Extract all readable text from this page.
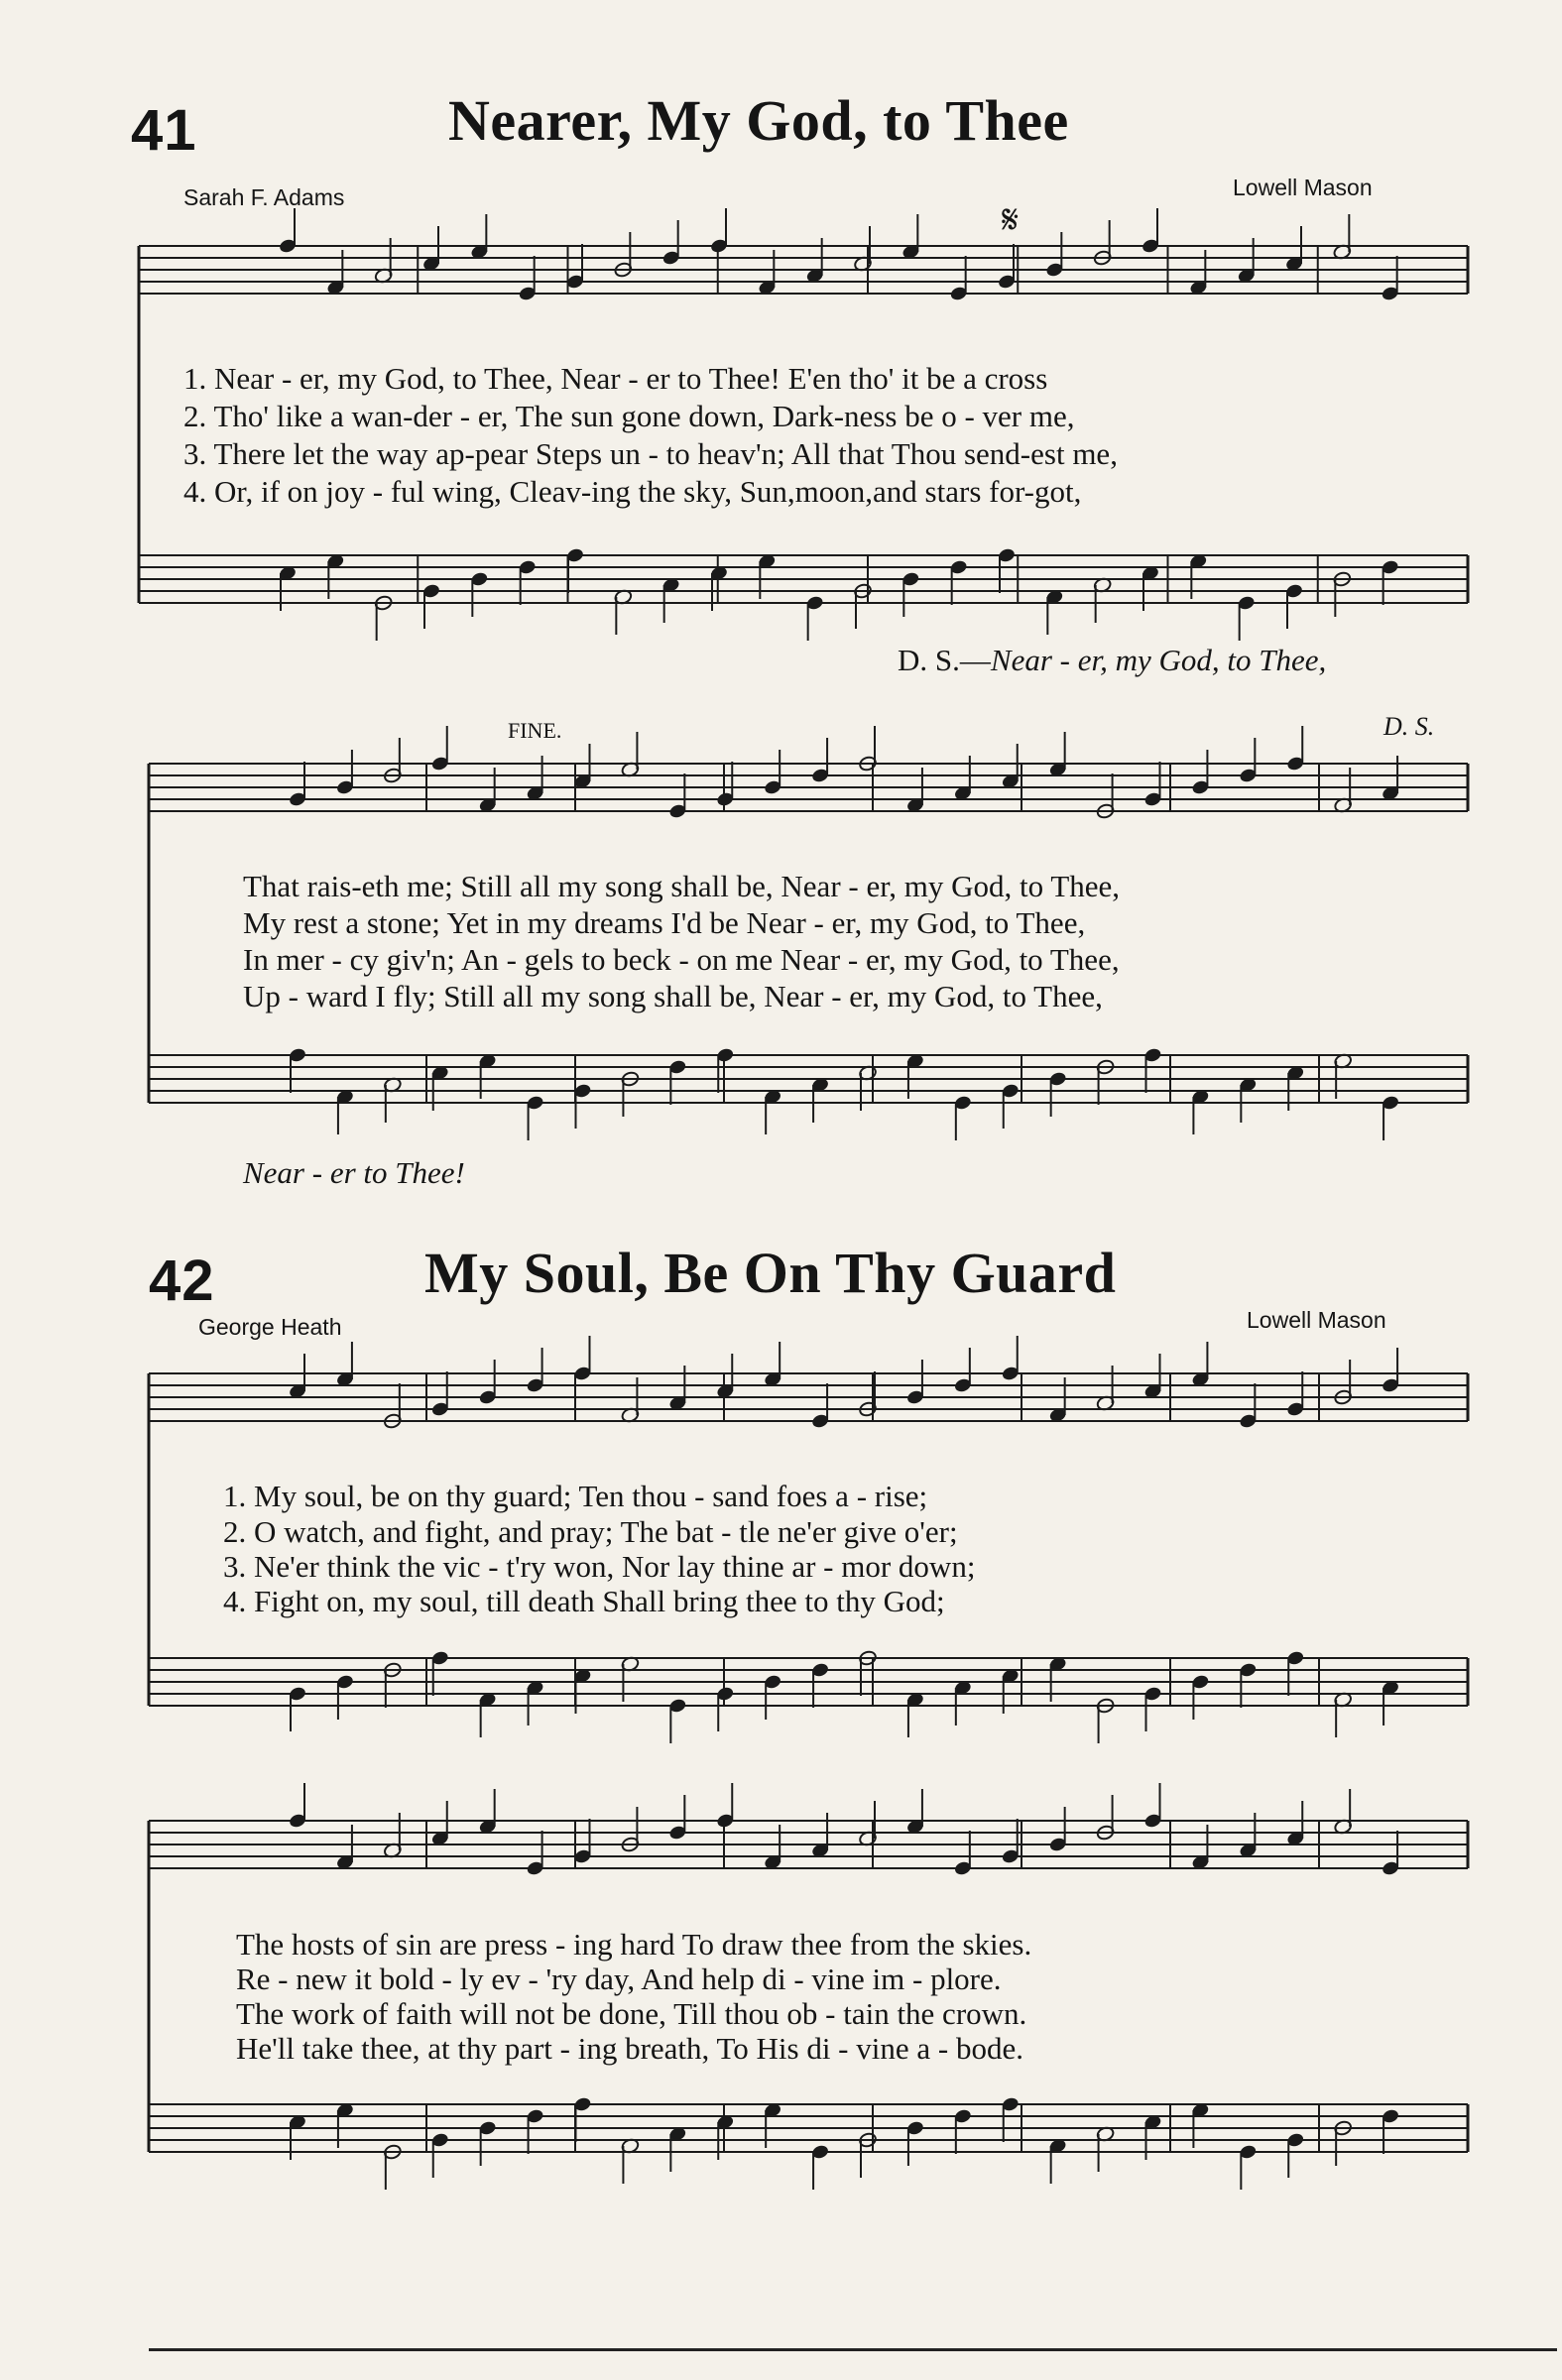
41	Nearer, My God, to Thee
Sarah F. Adams	Lowell Mason
𝄋
1. Near - er, my God, to Thee, Near - er to Thee! E'en tho' it be a cross
2. Tho' like a wan-der - er, The sun gone down, Dark-ness be o - ver me,
3. There let the way ap-pear Steps un - to heav'n; All that Thou send-est me,
4. Or, if on joy - ful wing, Cleav-ing the sky, Sun,moon,and stars for-got,
D. S.—Near - er, my God, to Thee,
FINE.	D. S.
That rais-eth me; Still all my song shall be, Near - er, my God, to Thee,
My rest a stone; Yet in my dreams I'd be Near - er, my God, to Thee,
In mer - cy giv'n; An - gels to beck - on me Near - er, my God, to Thee,
Up - ward I fly; Still all my song shall be, Near - er, my God, to Thee,
Near - er to Thee!
42	My Soul, Be On Thy Guard
George Heath	Lowell Mason
1. My soul, be on thy guard; Ten thou - sand foes a - rise;
2. O watch, and fight, and pray; The bat - tle ne'er give o'er;
3. Ne'er think the vic - t'ry won, Nor lay thine ar - mor down;
4. Fight on, my soul, till death Shall bring thee to thy God;
The hosts of sin are press - ing hard To draw thee from the skies.
Re - new it bold - ly ev - 'ry day, And help di - vine im - plore.
The work of faith will not be done, Till thou ob - tain the crown.
He'll take thee, at thy part - ing breath, To His di - vine a - bode.
